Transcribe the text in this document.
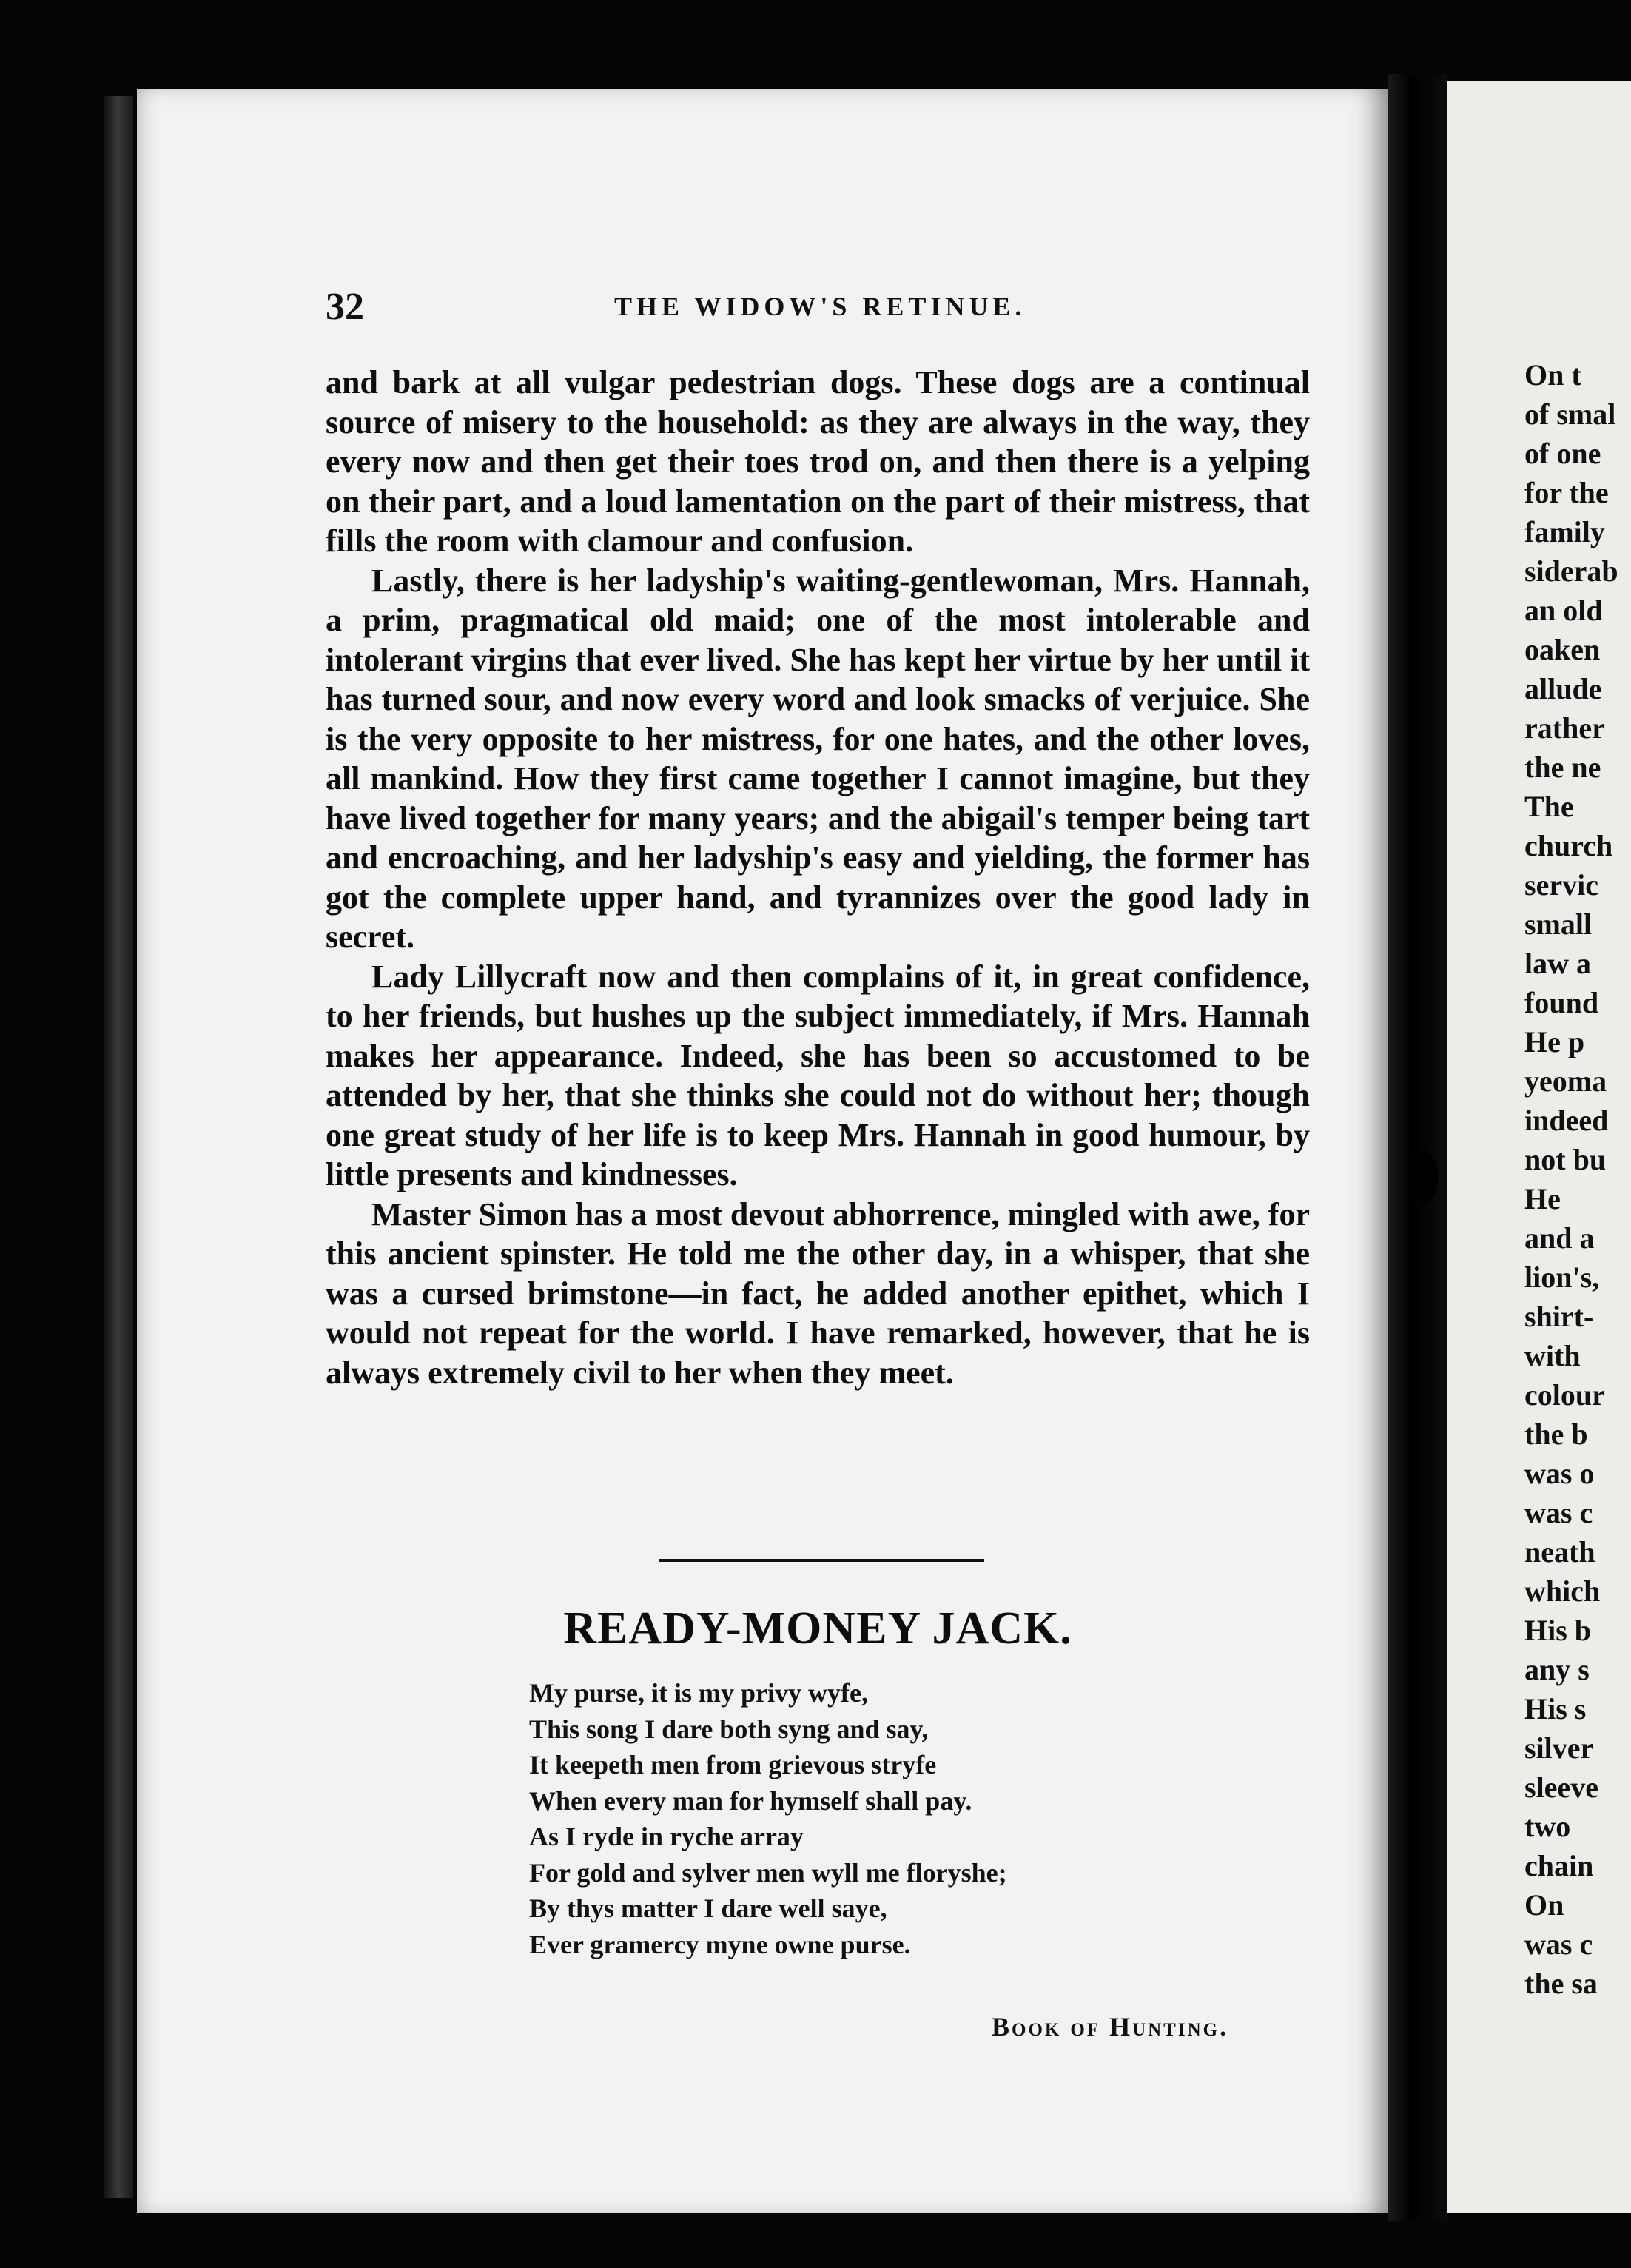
32	THE WIDOW'S RETINUE.

and bark at all vulgar pedestrian dogs. These dogs are a continual source of misery to the household: as they are always in the way, they every now and then get their toes trod on, and then there is a yelping on their part, and a loud lamentation on the part of their mistress, that fills the room with clamour and confusion.

Lastly, there is her ladyship's waiting-gentlewoman, Mrs. Hannah, a prim, pragmatical old maid; one of the most intolerable and intolerant virgins that ever lived. She has kept her virtue by her until it has turned sour, and now every word and look smacks of verjuice. She is the very opposite to her mistress, for one hates, and the other loves, all mankind. How they first came together I cannot imagine, but they have lived together for many years; and the abigail's temper being tart and encroaching, and her ladyship's easy and yielding, the former has got the complete upper hand, and tyrannizes over the good lady in secret.

Lady Lillycraft now and then complains of it, in great confidence, to her friends, but hushes up the subject immediately, if Mrs. Hannah makes her appearance. Indeed, she has been so accustomed to be attended by her, that she thinks she could not do without her; though one great study of her life is to keep Mrs. Hannah in good humour, by little presents and kindnesses.

Master Simon has a most devout abhorrence, mingled with awe, for this ancient spinster. He told me the other day, in a whisper, that she was a cursed brimstone—in fact, he added another epithet, which I would not repeat for the world. I have remarked, however, that he is always extremely civil to her when they meet.

READY-MONEY JACK.
My purse, it is my privy wyfe,
This song I dare both syng and say,
It keepeth men from grievous stryfe
When every man for hymself shall pay.
As I ryde in ryche array
For gold and sylver men wyll me floryshe;
By thys matter I dare well saye,
Ever gramercy myne owne purse.
Book of Hunting.
On t
of smal
of one
for the
family
siderab
an old
oaken
allude
rather
the ne
The
church
servic
small
law a
found
He p
yeoma
indeed
not bu
He
and a
lion's,
shirt-
with
colour
the b
was o
was c
neath
which
His b
any s
His s
silver
sleeve
two
chain
On
was c
the sa
